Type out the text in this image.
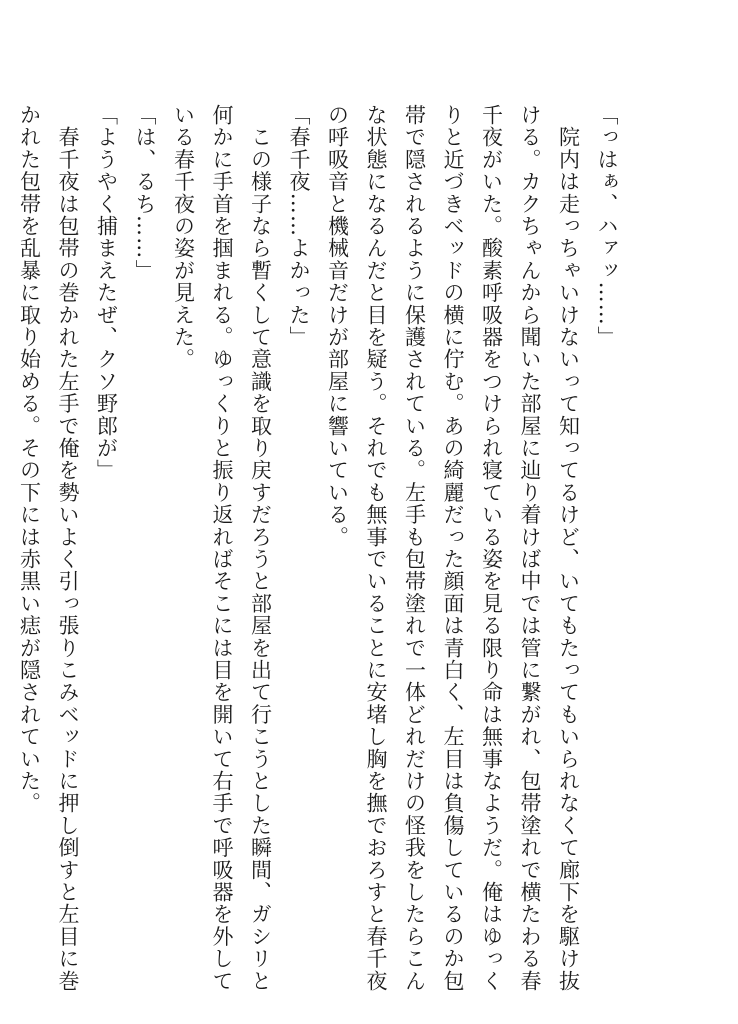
「っはぁ、ハァッ……」
　院内は走っちゃいけないって知ってるけど、いてもたってもいられなくて廊下を駆け抜
ける。カクちゃんから聞いた部屋に辿り着けば中では管に繋がれ、包帯塗れで横たわる春
千夜がいた。酸素呼吸器をつけられ寝ている姿を見る限り命は無事なようだ。俺はゆっく
りと近づきベッドの横に佇む。あの綺麗だった顔面は青白く、左目は負傷しているのか包
帯で隠されるように保護されている。左手も包帯塗れで一体どれだけの怪我をしたらこん
な状態になるんだと目を疑う。それでも無事でいることに安堵し胸を撫でおろすと春千夜
の呼吸音と機械音だけが部屋に響いている。
「春千夜……よかった」
　この様子なら暫くして意識を取り戻すだろうと部屋を出て行こうとした瞬間、ガシリと
何かに手首を掴まれる。ゆっくりと振り返ればそこには目を開いて右手で呼吸器を外して
いる春千夜の姿が見えた。
「は、るち……」
「ようやく捕まえたぜ、クソ野郎が」
　春千夜は包帯の巻かれた左手で俺を勢いよく引っ張りこみベッドに押し倒すと左目に巻
かれた包帯を乱暴に取り始める。その下には赤黒い痣が隠されていた。
